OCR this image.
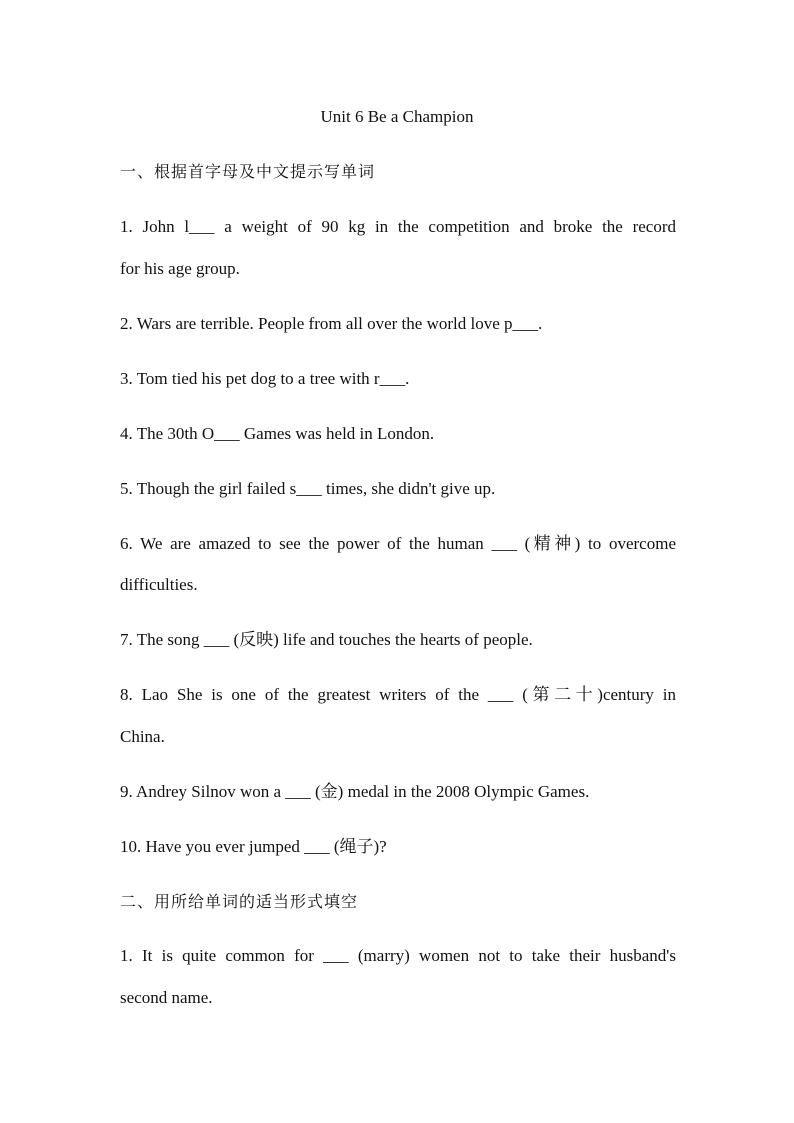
Unit 6 Be a Champion
一、根据首字母及中文提示写单词
1. John l___ a weight of 90 kg in the competition and broke the record
for his age group.
2. Wars are terrible. People from all over the world love p___.
3. Tom tied his pet dog to a tree with r___.
4. The 30th O___ Games was held in London.
5. Though the girl failed s___ times, she didn't give up.
6. We are amazed to see the power of the human ___ (精神) to overcome
difficulties.
7. The song ___ (反映) life and touches the hearts of people.
8. Lao She is one of the greatest writers of the ___ (第二十)century in
China.
9. Andrey Silnov won a ___ (金) medal in the 2008 Olympic Games.
10. Have you ever jumped ___ (绳子)?
二、用所给单词的适当形式填空
1. It is quite common for ___ (marry) women not to take their husband's
second name.
